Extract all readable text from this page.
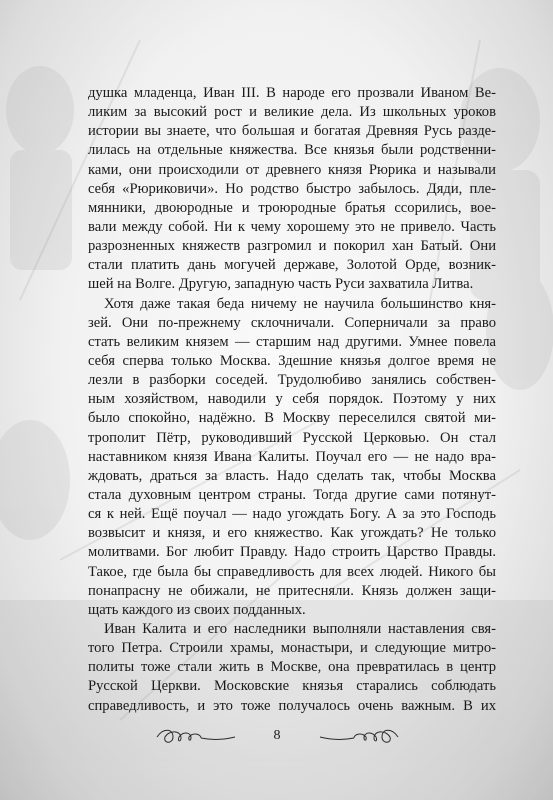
душка младенца, Иван III. В народе его прозвали Иваном Ве-
ликим за высокий рост и великие дела. Из школьных уроков
истории вы знаете, что большая и богатая Древняя Русь разде-
лилась на отдельные княжества. Все князья были родственни-
ками, они происходили от древнего князя Рюрика и называли
себя «Рюриковичи». Но родство быстро забылось. Дяди, пле-
мянники, двоюродные и троюродные братья ссорились, вое-
вали между собой. Ни к чему хорошему это не привело. Часть
разрозненных княжеств разгромил и покорил хан Батый. Они
стали платить дань могучей державе, Золотой Орде, возник-
шей на Волге. Другую, западную часть Руси захватила Литва.

Хотя даже такая беда ничему не научила большинство кня-
зей. Они по-прежнему склочничали. Соперничали за право
стать великим князем — старшим над другими. Умнее повела
себя сперва только Москва. Здешние князья долгое время не
лезли в разборки соседей. Трудолюбиво занялись собствен-
ным хозяйством, наводили у себя порядок. Поэтому у них
было спокойно, надёжно. В Москву переселился святой ми-
трополит Пётр, руководивший Русской Церковью. Он стал
наставником князя Ивана Калиты. Поучал его — не надо вра-
ждовать, драться за власть. Надо сделать так, чтобы Москва
стала духовным центром страны. Тогда другие сами потянут-
ся к ней. Ещё поучал — надо угождать Богу. А за это Господь
возвысит и князя, и его княжество. Как угождать? Не только
молитвами. Бог любит Правду. Надо строить Царство Правды.
Такое, где была бы справедливость для всех людей. Никого бы
понапрасну не обижали, не притесняли. Князь должен защи-
щать каждого из своих подданных.

Иван Калита и его наследники выполняли наставления свя-
того Петра. Строили храмы, монастыри, и следующие митро-
политы тоже стали жить в Москве, она превратилась в центр
Русской Церкви. Московские князья старались соблюдать
справедливость, и это тоже получалось очень важным. В их

8
